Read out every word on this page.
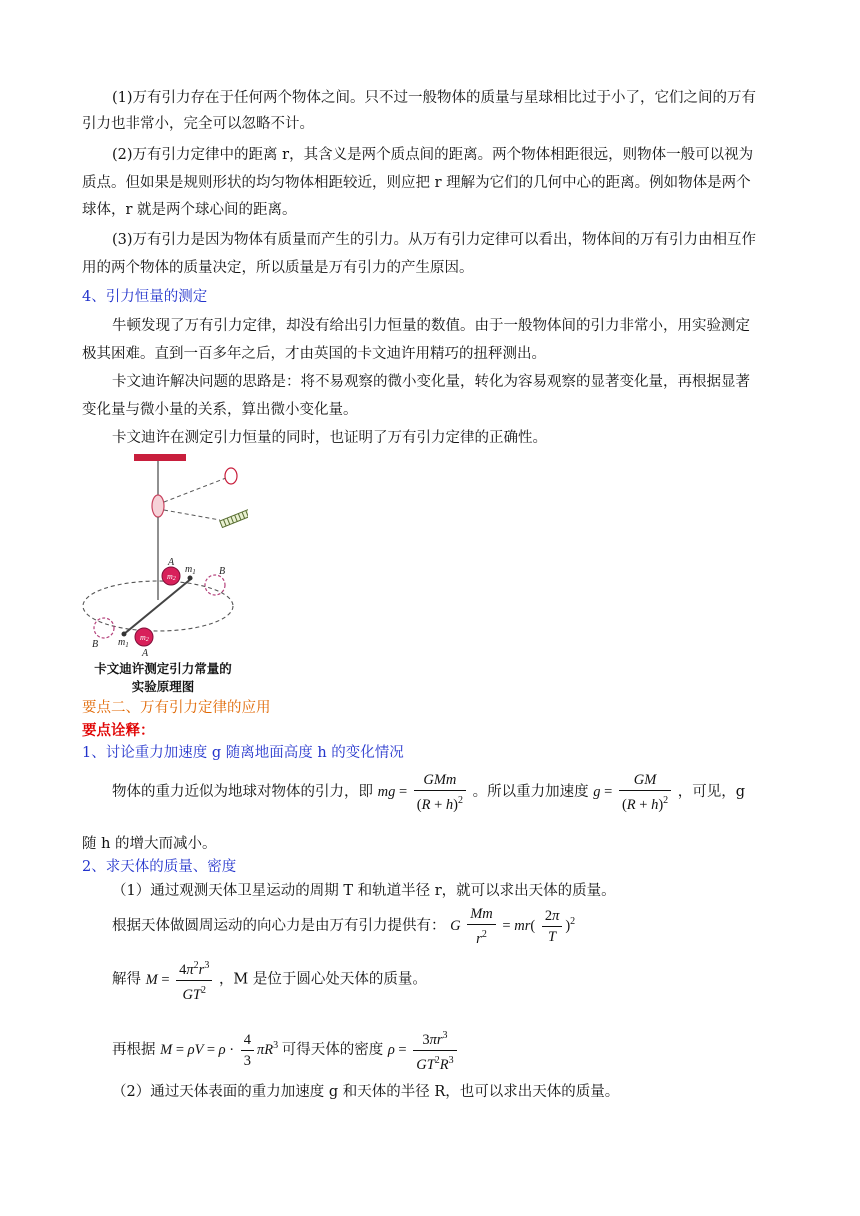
(1)万有引力存在于任何两个物体之间。只不过一般物体的质量与星球相比过于小了，它们之间的万有

引力也非常小，完全可以忽略不计。

(2)万有引力定律中的距离 r，其含义是两个质点间的距离。两个物体相距很远，则物体一般可以视为

质点。但如果是规则形状的均匀物体相距较近，则应把 r 理解为它们的几何中心的距离。例如物体是两个

球体，r 就是两个球心间的距离。

(3)万有引力是因为物体有质量而产生的引力。从万有引力定律可以看出，物体间的万有引力由相互作

用的两个物体的质量决定，所以质量是万有引力的产生原因。

4、引力恒量的测定

牛顿发现了万有引力定律，却没有给出引力恒量的数值。由于一般物体间的引力非常小，用实验测定

极其困难。直到一百多年之后，才由英国的卡文迪许用精巧的扭秤测出。

卡文迪许解决问题的思路是：将不易观察的微小变化量，转化为容易观察的显著变化量，再根据显著

变化量与微小量的关系，算出微小变化量。

卡文迪许在测定引力恒量的同时，也证明了万有引力定律的正确性。

A
B
B
A
$m_1$
$m_1$
m2
m2
卡文迪许测定引力常量的
实验原理图

要点二、万有引力定律的应用

要点诠释：

1、讨论重力加速度 g 随离地面高度 h 的变化情况

物体的重力近似为地球对物体的引力，即 mg = $\frac{\text{GMm}}{(R + h)^2}$ 。所以重力加速度 $g = \frac{GM}{(R + h)^2}$ ，可见，g

随 h 的增大而减小。

2、求天体的质量、密度

（1）通过观测天体卫星运动的周期 T 和轨道半径 r，就可以求出天体的质量。

根据天体做圆周运动的向心力是由万有引力提供有： G $\frac{Mm}{r^2} = mr( \frac{2\pi}{T} )^2$
解得 $M = \frac{4\pi^2r^3}{GT^2}$ ，M 是位于圆心处天体的质量。
再根据 $M = \rho V = \rho \cdot \frac{4}{3} \pi R^3$ 可得天体的密度 $\rho = \frac{3\pi r^3}{GT^2R^3}$

（2）通过天体表面的重力加速度 g 和天体的半径 R，也可以求出天体的质量。
